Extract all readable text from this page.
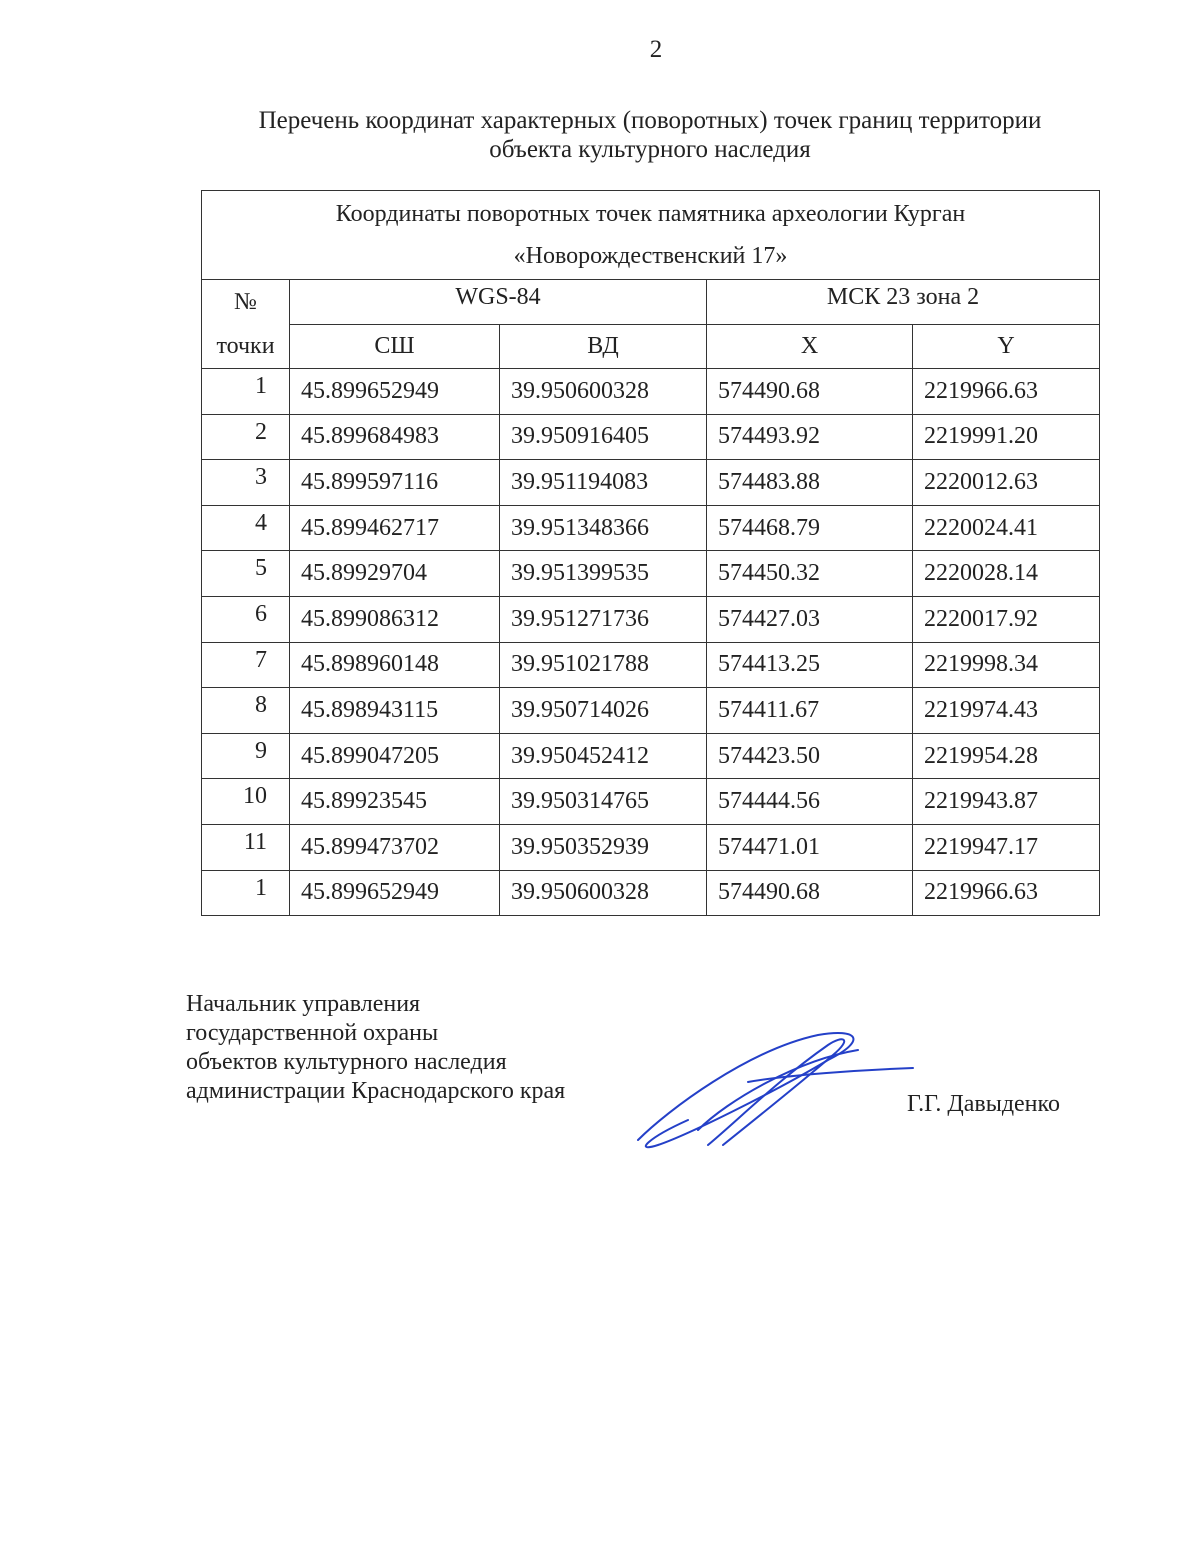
2
Перечень координат характерных (поворотных) точек границ территории
объекта культурного наследия
Координаты поворотных точек памятника археологии Курган
«Новорождественский 17»				

№
точки	WGS-84		МСК 23 зона 2	
	СШ	ВД	X	Y
1	45.899652949	39.950600328	574490.68	2219966.63
2	45.899684983	39.950916405	574493.92	2219991.20
3	45.899597116	39.951194083	574483.88	2220012.63
4	45.899462717	39.951348366	574468.79	2220024.41
5	45.89929704	39.951399535	574450.32	2220028.14
6	45.899086312	39.951271736	574427.03	2220017.92
7	45.898960148	39.951021788	574413.25	2219998.34
8	45.898943115	39.950714026	574411.67	2219974.43
9	45.899047205	39.950452412	574423.50	2219954.28
10	45.89923545	39.950314765	574444.56	2219943.87
11	45.899473702	39.950352939	574471.01	2219947.17
1	45.899652949	39.950600328	574490.68	2219966.63
Начальник управления
государственной охраны
объектов культурного наследия
администрации Краснодарского края	Г.Г. Давыденко
